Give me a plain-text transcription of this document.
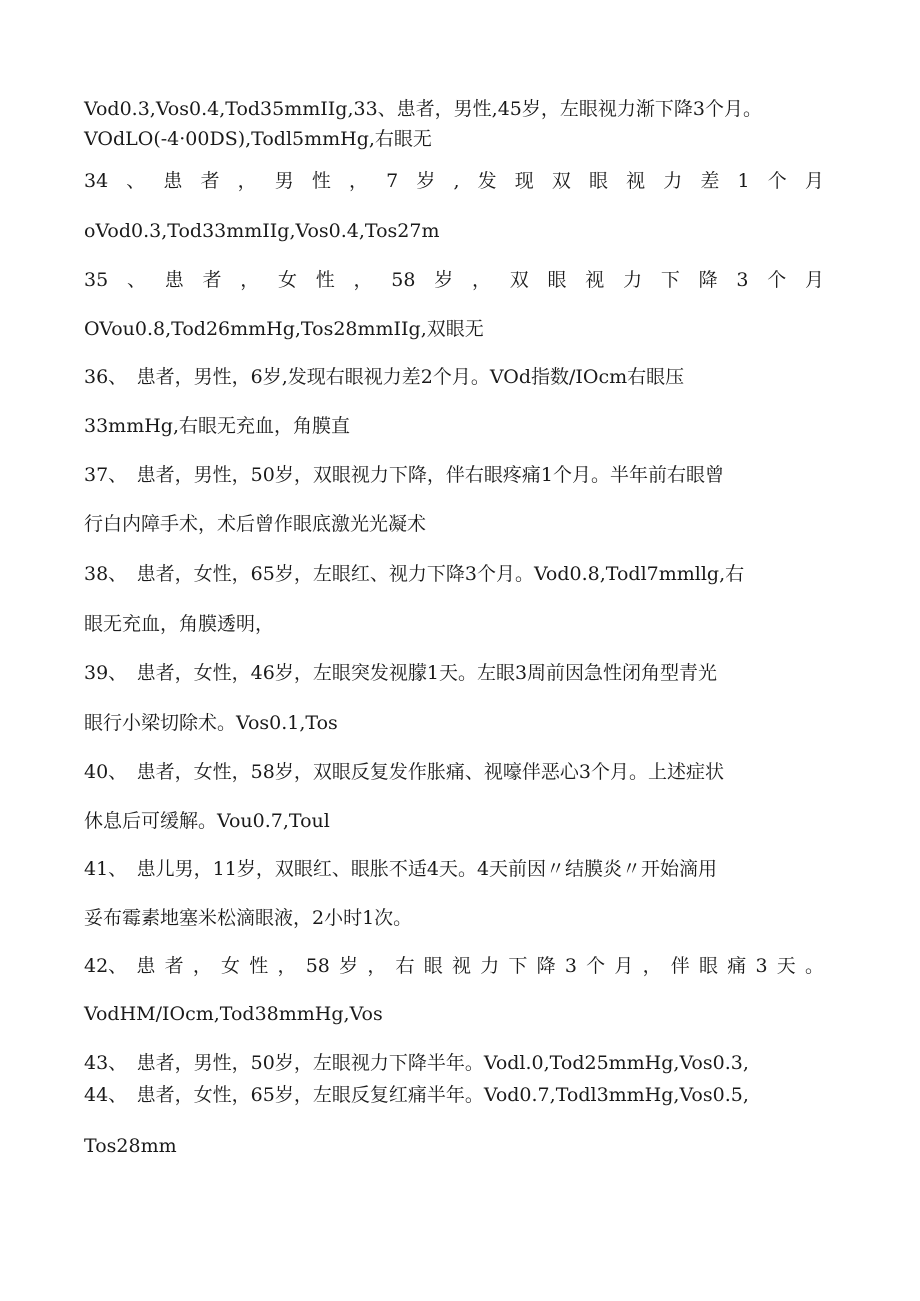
Vod0.3,Vos0.4,Tod35mmIIg,33、患者，男性,45岁，左眼视力渐下降3个月。

VOdLO(-4·00DS),Todl5mmHg,右眼无

34 、 患 者 ， 男 性 ， 7 岁 , 发 现 双 眼 视 力 差 1 个 月

oVod0.3,Tod33mmIIg,Vos0.4,Tos27m

35 、 患 者 ， 女 性 ， 58 岁 ， 双 眼 视 力 下 降 3 个 月

OVou0.8,Tod26mmHg,Tos28mmIIg,双眼无

36、　患者，男性，6岁,发现右眼视力差2个月。VOd指数/IOcm右眼压

33mmHg,右眼无充血，角膜直

37、　患者，男性，50岁，双眼视力下降，伴右眼疼痛1个月。半年前右眼曾

行白内障手术，术后曾作眼底激光光凝术

38、　患者，女性，65岁，左眼红、视力下降3个月。Vod0.8,Todl7mmllg,右

眼无充血，角膜透明，

39、　患者，女性，46岁，左眼突发视朦1天。左眼3周前因急性闭角型青光

眼行小梁切除术。Vos0.1,Tos

40、　患者，女性，58岁，双眼反复发作胀痛、视嚎伴恶心3个月。上述症状

休息后可缓解。Vou0.7,Toul

41、　患儿男，11岁，双眼红、眼胀不适4天。4天前因〃结膜炎〃开始滴用

妥布霉素地塞米松滴眼液，2小时1次。

42、 患 者 ， 女 性 ， 58 岁 ， 右 眼 视 力 下 降 3 个 月 ， 伴 眼 痛 3 天 。

VodHM/IOcm,Tod38mmHg,Vos

43、　患者，男性，50岁，左眼视力下降半年。Vodl.0,Tod25mmHg,Vos0.3,

44、　患者，女性，65岁，左眼反复红痛半年。Vod0.7,Todl3mmHg,Vos0.5,

Tos28mm
